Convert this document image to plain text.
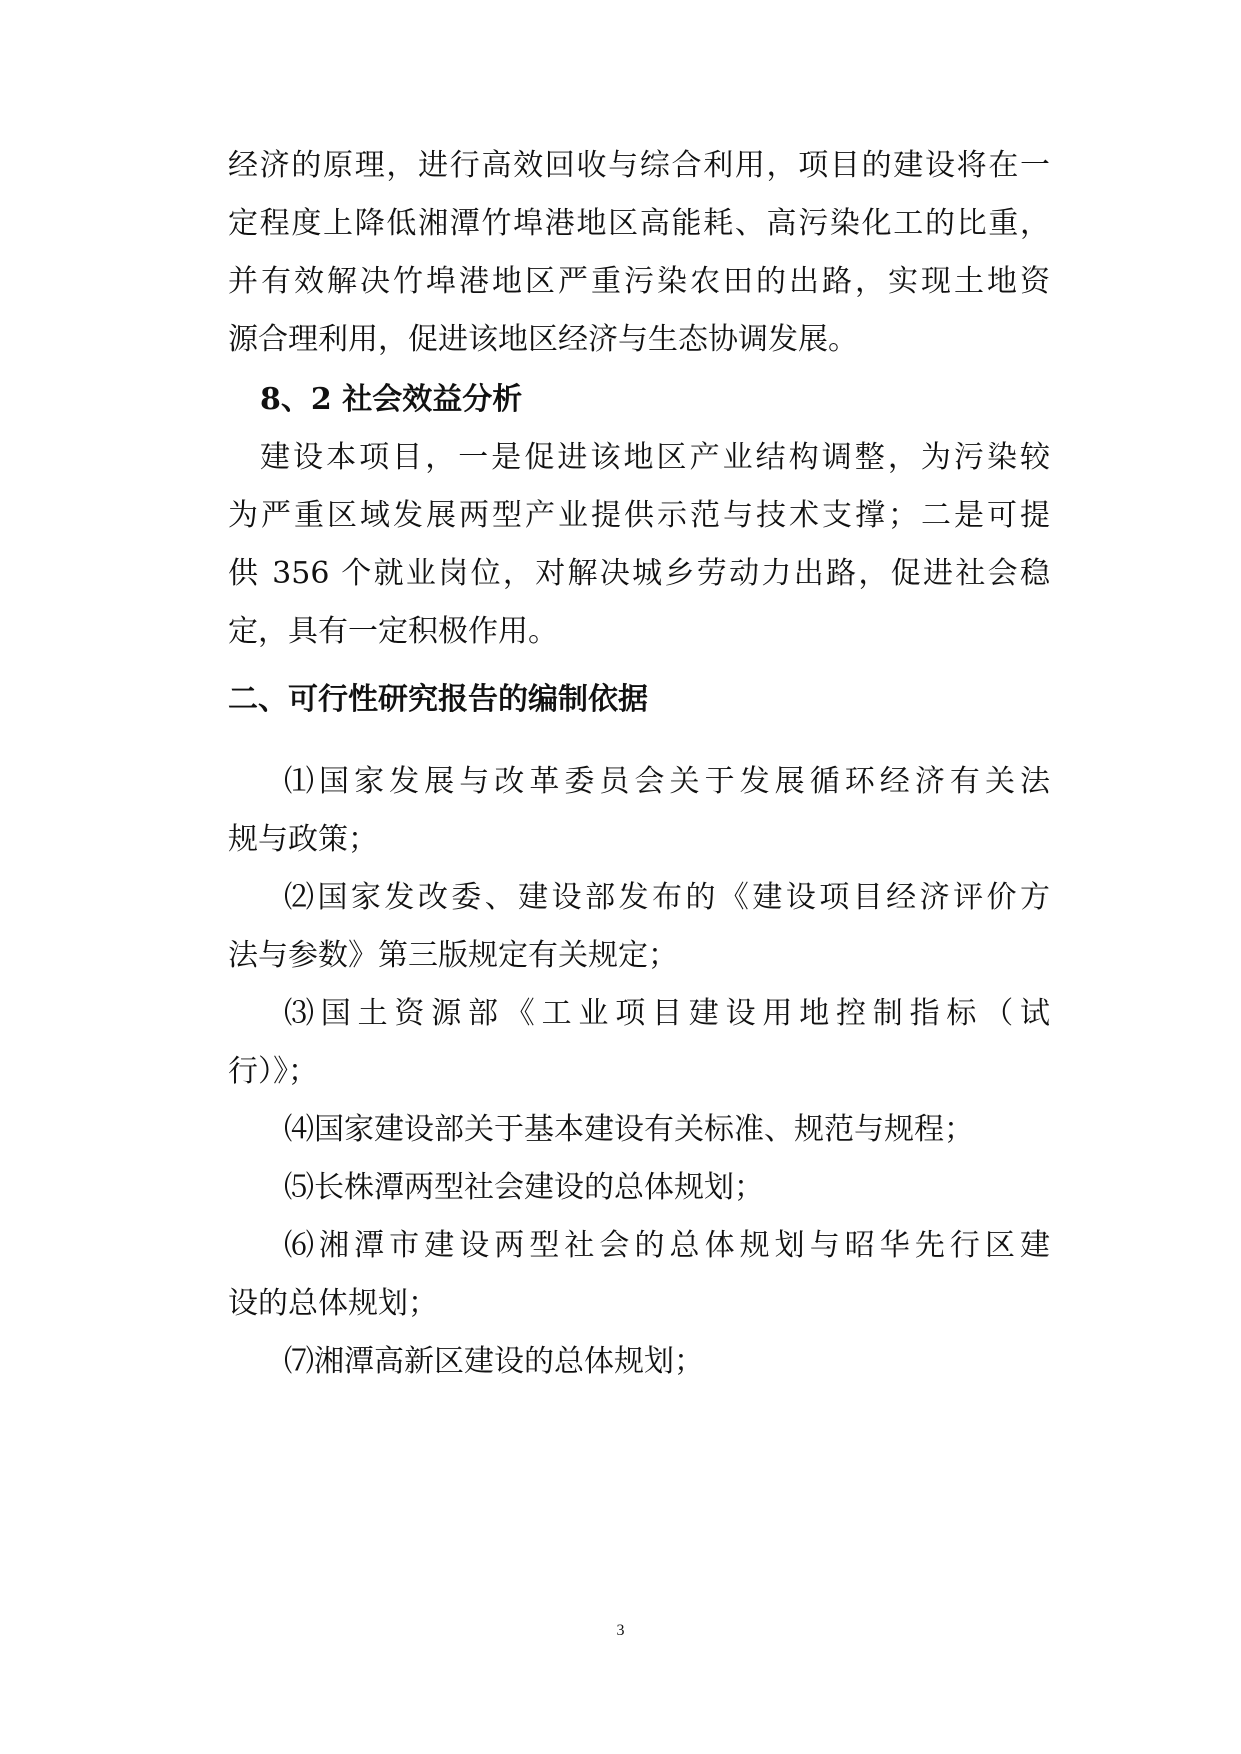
经济的原理，进行高效回收与综合利用，项目的建设将在一
定程度上降低湘潭竹埠港地区高能耗、高污染化工的比重，
并有效解决竹埠港地区严重污染农田的出路，实现土地资
源合理利用，促进该地区经济与生态协调发展。
8、2 社会效益分析
建设本项目，一是促进该地区产业结构调整，为污染较
为严重区域发展两型产业提供示范与技术支撑；二是可提
供 356 个就业岗位，对解决城乡劳动力出路，促进社会稳
定，具有一定积极作用。
二、可行性研究报告的编制依据
⑴国家发展与改革委员会关于发展循环经济有关法
规与政策；
⑵国家发改委、建设部发布的《建设项目经济评价方
法与参数》第三版规定有关规定；
⑶国土资源部《工业项目建设用地控制指标（试
行）》；
⑷国家建设部关于基本建设有关标准、规范与规程；
⑸长株潭两型社会建设的总体规划；
⑹湘潭市建设两型社会的总体规划与昭华先行区建
设的总体规划；
⑺湘潭高新区建设的总体规划；
3
